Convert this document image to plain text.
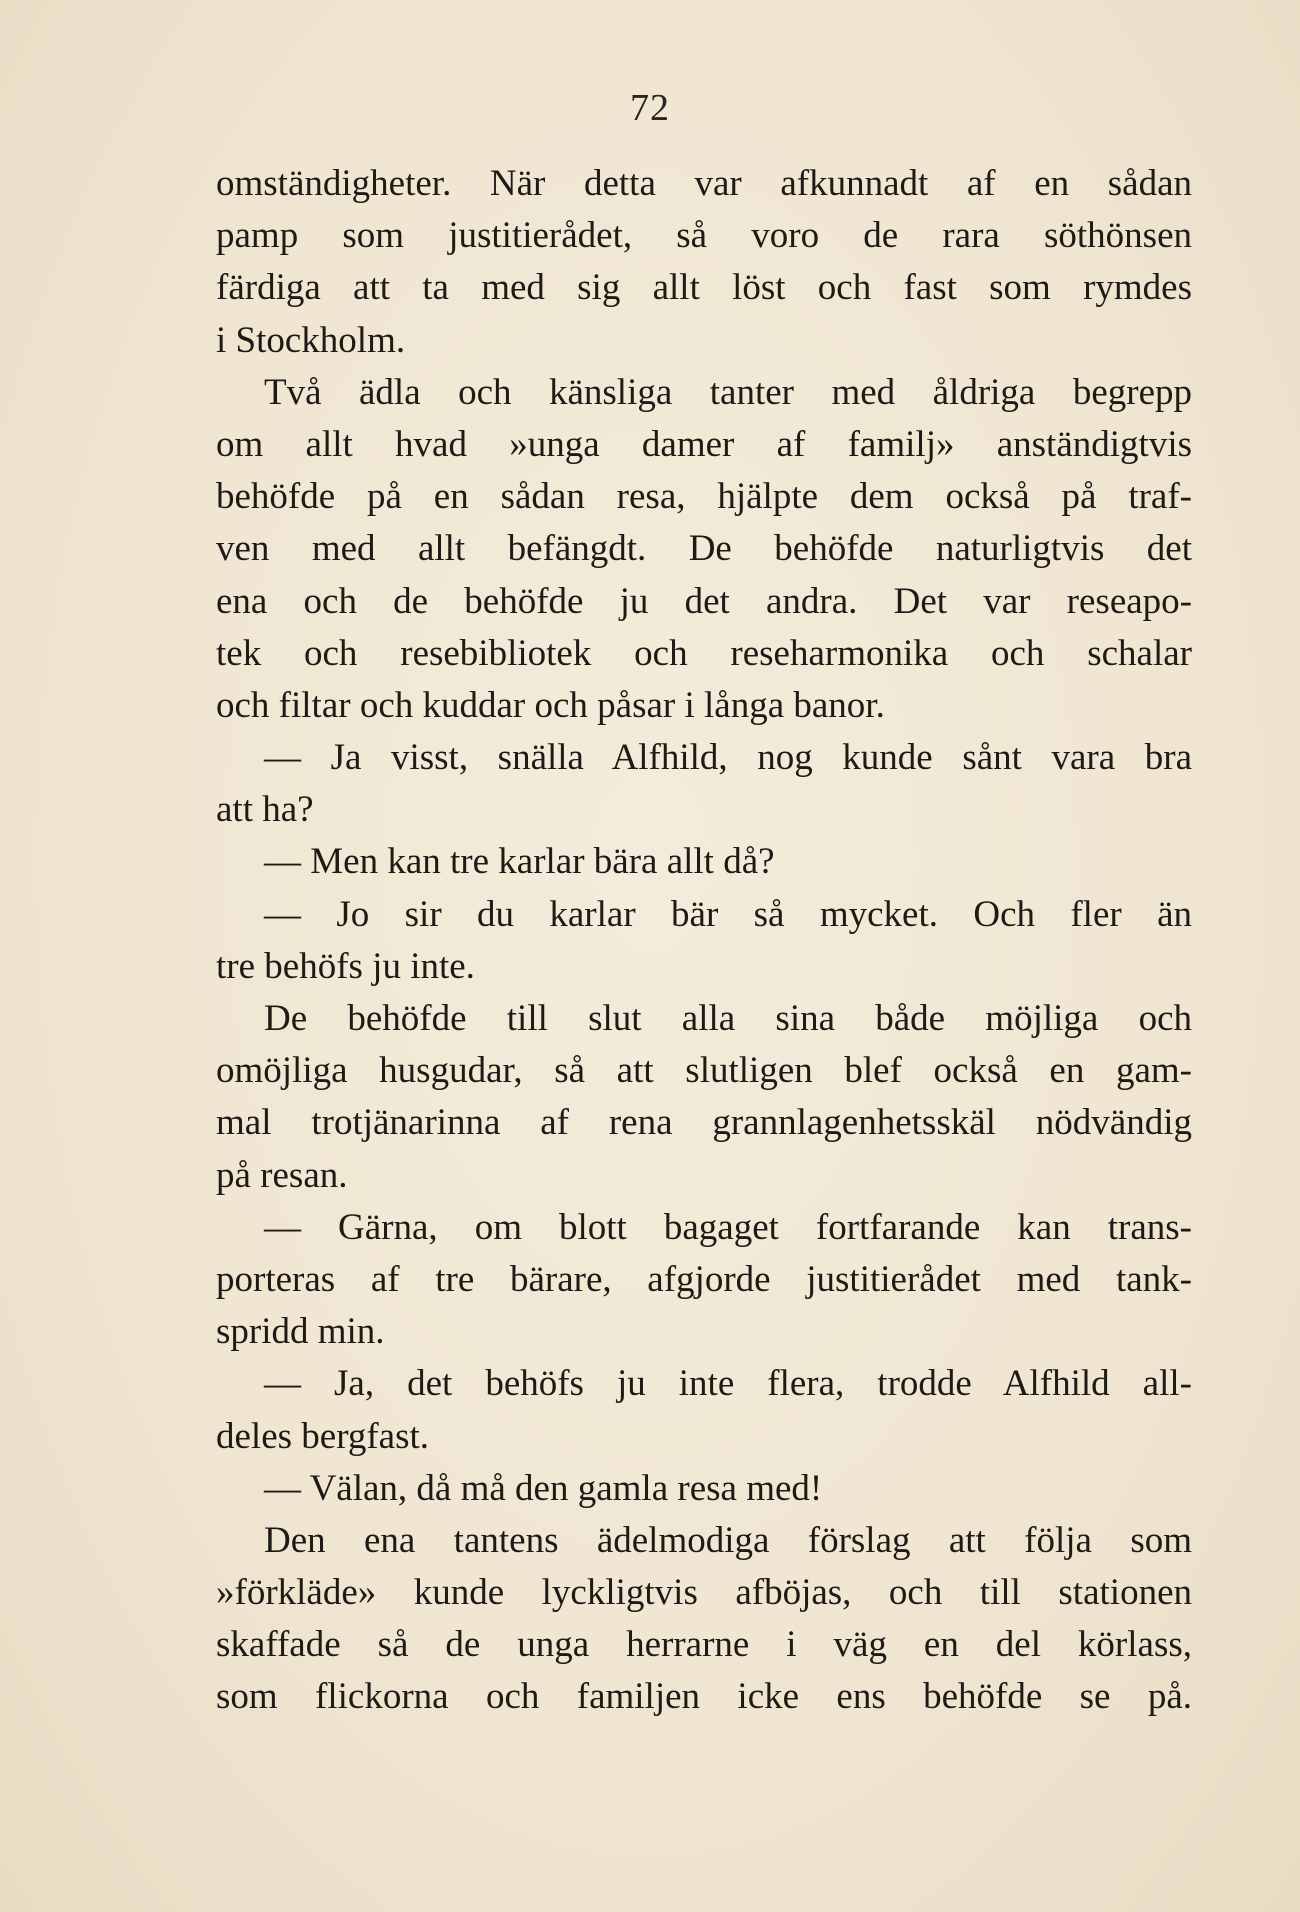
72
omständigheter. När detta var afkunnadt af en sådan
pamp som justitierådet, så voro de rara söthönsen
färdiga att ta med sig allt löst och fast som rymdes
i Stockholm.
Två ädla och känsliga tanter med åldriga begrepp
om allt hvad »unga damer af familj» anständigtvis
behöfde på en sådan resa, hjälpte dem också på traf-
ven med allt befängdt. De behöfde naturligtvis det
ena och de behöfde ju det andra. Det var reseapo-
tek och resebibliotek och reseharmonika och schalar
och filtar och kuddar och påsar i långa banor.
— Ja visst, snälla Alfhild, nog kunde sånt vara bra
att ha?
— Men kan tre karlar bära allt då?
— Jo sir du karlar bär så mycket. Och fler än
tre behöfs ju inte.
De behöfde till slut alla sina både möjliga och
omöjliga husgudar, så att slutligen blef också en gam-
mal trotjänarinna af rena grannlagenhetsskäl nödvändig
på resan.
— Gärna, om blott bagaget fortfarande kan trans-
porteras af tre bärare, afgjorde justitierådet med tank-
spridd min.
— Ja, det behöfs ju inte flera, trodde Alfhild all-
deles bergfast.
— Välan, då må den gamla resa med!
Den ena tantens ädelmodiga förslag att följa som
»förkläde» kunde lyckligtvis afböjas, och till stationen
skaffade så de unga herrarne i väg en del körlass,
som flickorna och familjen icke ens behöfde se på.
